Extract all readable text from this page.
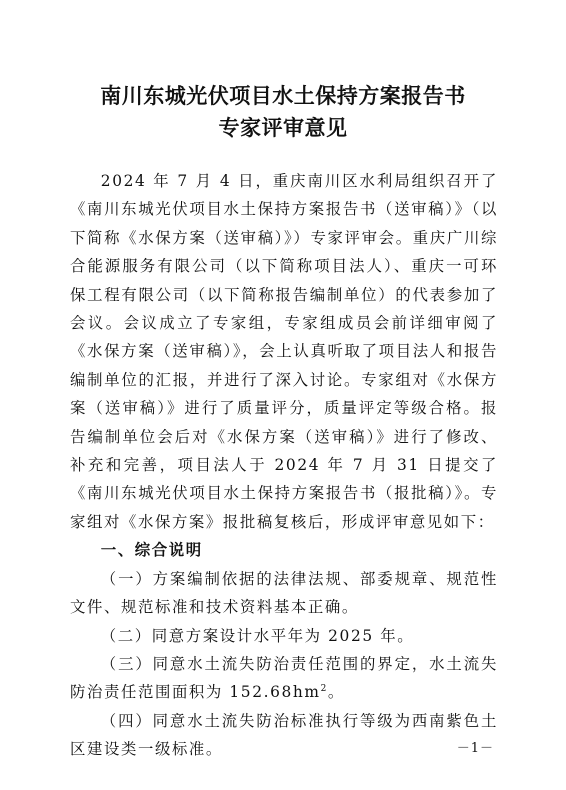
南川东城光伏项目水土保持方案报告书
专家评审意见

2024 年 7 月 4 日，重庆南川区水利局组织召开了《南川东城光伏项目水土保持方案报告书（送审稿）》（以下简称《水保方案（送审稿）》）专家评审会。重庆广川综合能源服务有限公司（以下简称项目法人）、重庆一可环保工程有限公司（以下简称报告编制单位）的代表参加了会议。会议成立了专家组，专家组成员会前详细审阅了《水保方案（送审稿）》，会上认真听取了项目法人和报告编制单位的汇报，并进行了深入讨论。专家组对《水保方案（送审稿）》进行了质量评分，质量评定等级合格。报告编制单位会后对《水保方案（送审稿）》进行了修改、补充和完善，项目法人于 2024 年 7 月 31 日提交了《南川东城光伏项目水土保持方案报告书（报批稿）》。专家组对《水保方案》报批稿复核后，形成评审意见如下：

一、综合说明

（一）方案编制依据的法律法规、部委规章、规范性文件、规范标准和技术资料基本正确。

（二）同意方案设计水平年为 2025 年。

（三）同意水土流失防治责任范围的界定，水土流失防治责任范围面积为 $152.68hm^2$。

（四）同意水土流失防治标准执行等级为西南紫色土区建设类一级标准。	－1－
